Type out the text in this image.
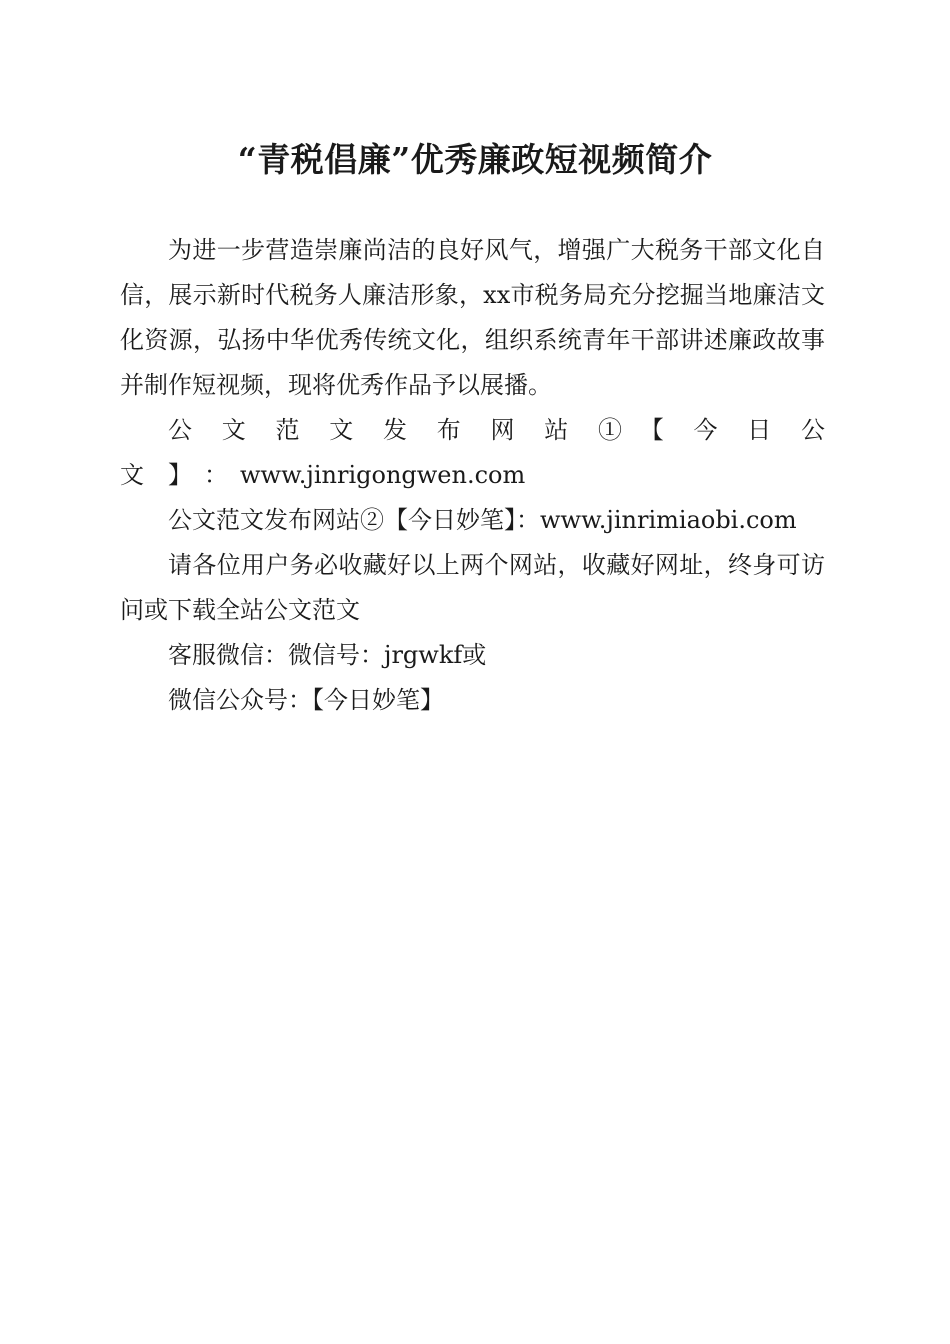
“青税倡廉”优秀廉政短视频简介

为进一步营造崇廉尚洁的良好风气，增强广大税务干部文化自信，展示新时代税务人廉洁形象，xx市税务局充分挖掘当地廉洁文化资源，弘扬中华优秀传统文化，组织系统青年干部讲述廉政故事并制作短视频，现将优秀作品予以展播。

公　文　范　文　发　布　网　站　①　【　今　日　公　文　】　：　www.jinrigongwen.com

公文范文发布网站②【今日妙笔】：www.jinrimiaobi.com

请各位用户务必收藏好以上两个网站，收藏好网址，终身可访问或下载全站公文范文

客服微信：微信号：jrgwkf或

微信公众号：【今日妙笔】
